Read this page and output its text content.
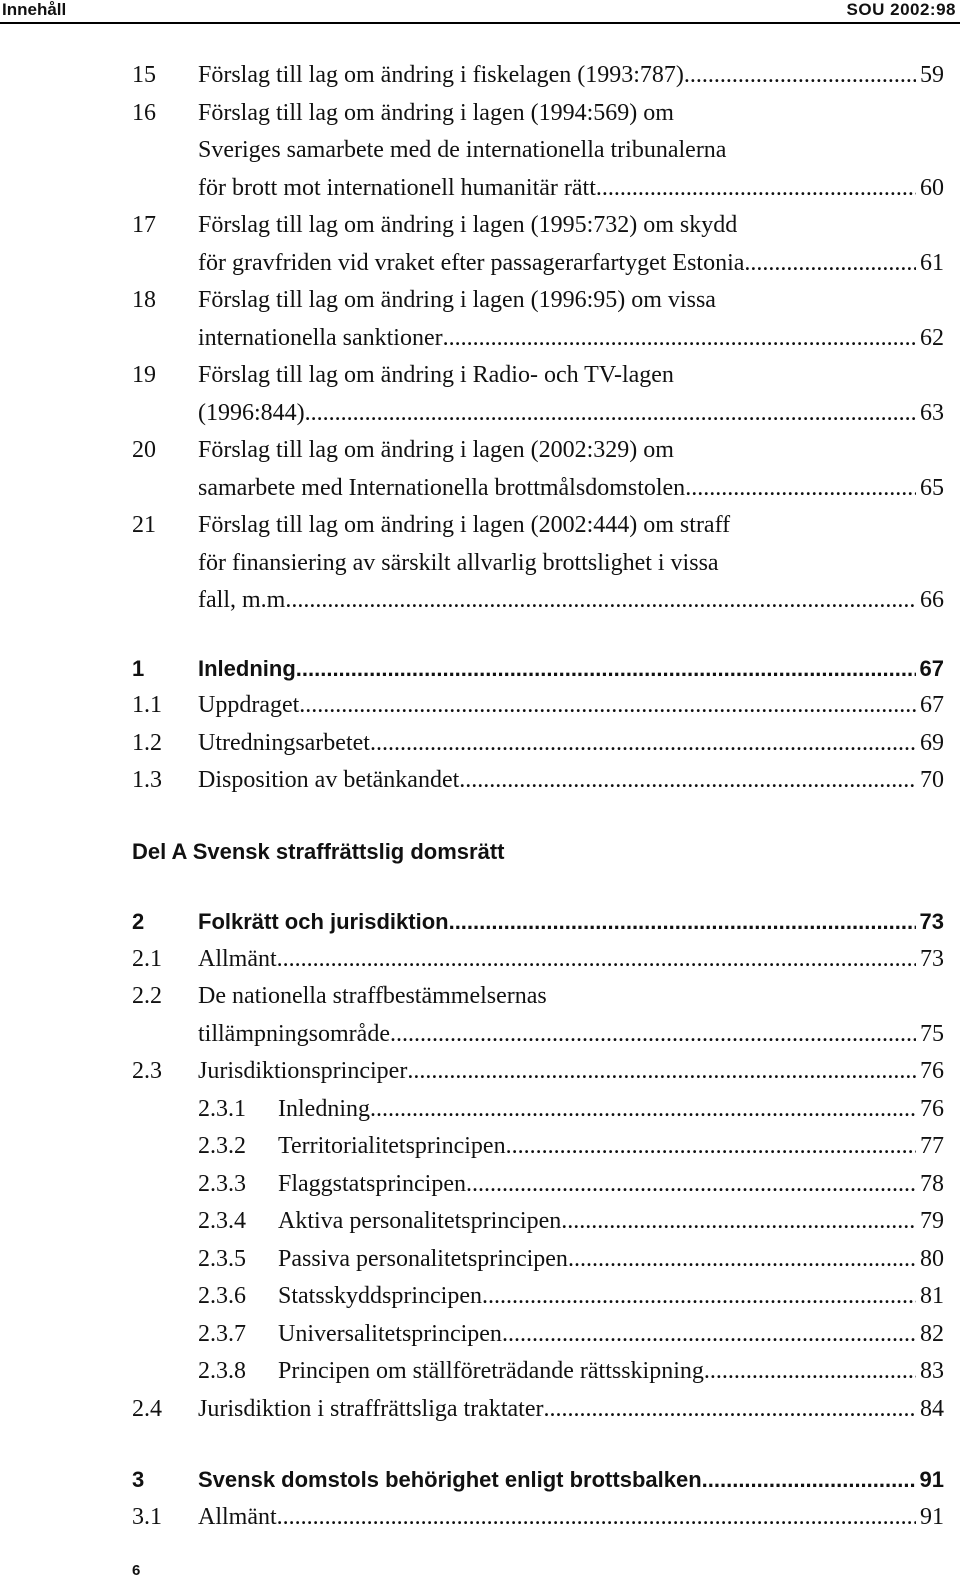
Innehåll	SOU 2002:98
15 Förslag till lag om ändring i fiskelagen (1993:787) .....	59
16 Förslag till lag om ändring i lagen (1994:569) om
Sveriges samarbete med de internationella tribunalerna
för brott mot internationell humanitär rätt .....	60
17 Förslag till lag om ändring i lagen (1995:732) om skydd
för gravfriden vid vraket efter passagerarfartyget Estonia .....	61
18 Förslag till lag om ändring i lagen (1996:95) om vissa
internationella sanktioner .....	62
19 Förslag till lag om ändring i Radio- och TV-lagen
(1996:844) .....	63
20 Förslag till lag om ändring i lagen (2002:329) om
samarbete med Internationella brottmålsdomstolen .....	65
21 Förslag till lag om ändring i lagen (2002:444) om straff
för finansiering av särskilt allvarlig brottslighet i vissa
fall, m.m. .....	66
1 Inledning .....	67
1.1 Uppdraget .....	67
1.2 Utredningsarbetet .....	69
1.3 Disposition av betänkandet .....	70
Del A Svensk straffrättslig domsrätt
2 Folkrätt och jurisdiktion .....	73
2.1 Allmänt .....	73
2.2 De nationella straffbestämmelsernas
tillämpningsområde .....	75
2.3 Jurisdiktionsprinciper .....	76
2.3.1 Inledning .....	76
2.3.2 Territorialitetsprincipen .....	77
2.3.3 Flaggstatsprincipen .....	78
2.3.4 Aktiva personalitetsprincipen .....	79
2.3.5 Passiva personalitetsprincipen .....	80
2.3.6 Statsskyddsprincipen .....	81
2.3.7 Universalitetsprincipen .....	82
2.3.8 Principen om ställföreträdande rättsskipning .....	83
2.4 Jurisdiktion i straffrättsliga traktater .....	84
3 Svensk domstols behörighet enligt brottsbalken .....	91
3.1 Allmänt .....	91
6
